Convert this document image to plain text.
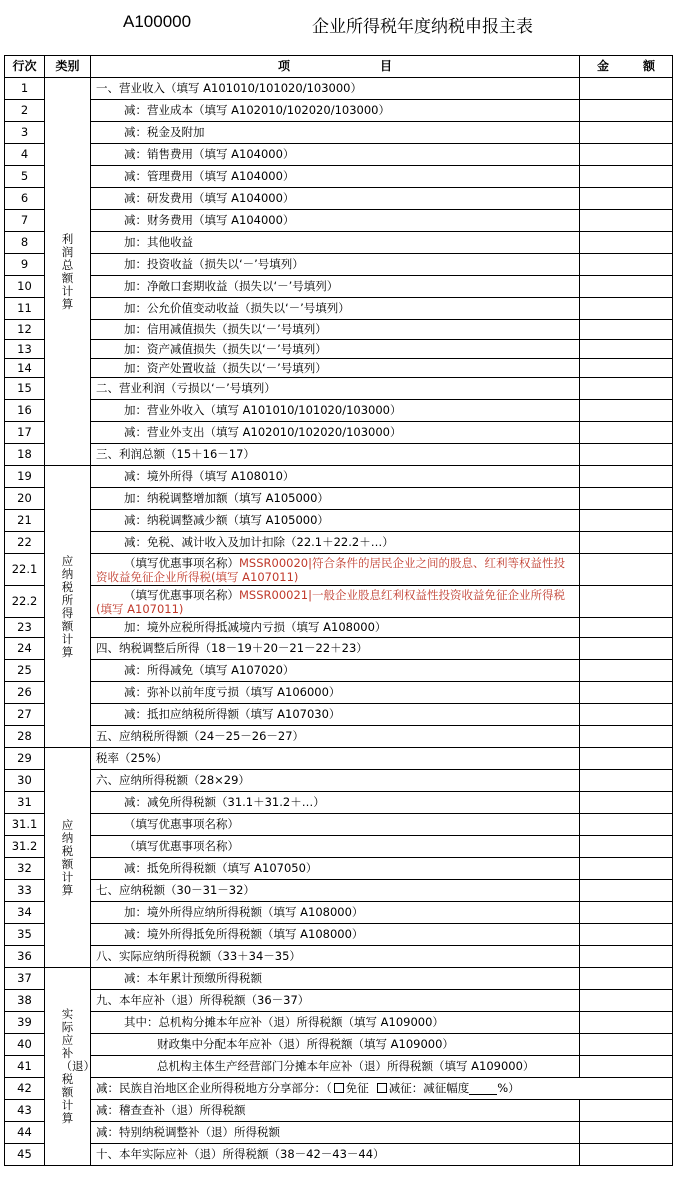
A100000	企业所得税年度纳税申报主表
行次	类别	项 目	金 额
1	利润总额计算	一、营业收入（填写 A101010/101020/103000）	
2		减：营业成本（填写 A102010/102020/103000）	
3		减：税金及附加	
4		减：销售费用（填写 A104000）	
5		减：管理费用（填写 A104000）	
6		减：研发费用（填写 A104000）	
7		减：财务费用（填写 A104000）	
8		加：其他收益	
9		加：投资收益（损失以‘－’号填列）	
10		加：净敞口套期收益（损失以‘－’号填列）	
11		加：公允价值变动收益（损失以‘－’号填列）	
12		加：信用减值损失（损失以‘－’号填列）	
13		加：资产减值损失（损失以‘－’号填列）	
14		加：资产处置收益（损失以‘－’号填列）	
15		二、营业利润（亏损以‘－’号填列）	
16		加：营业外收入（填写 A101010/101020/103000）	
17		减：营业外支出（填写 A102010/102020/103000）	
18		三、利润总额（15＋16－17）	
19	应纳税所得额计算	减：境外所得（填写 A108010）	
20		加：纳税调整增加额（填写 A105000）	
21		减：纳税调整减少额（填写 A105000）	
22		减：免税、减计收入及加计扣除（22.1＋22.2＋…）	
22.1		（填写优惠事项名称）MSSR00020|符合条件的居民企业之间的股息、红利等权益性投资收益免征企业所得税(填写 A107011)	
22.2		（填写优惠事项名称）MSSR00021|一般企业股息红利权益性投资收益免征企业所得税(填写 A107011)	
23		加：境外应税所得抵减境内亏损（填写 A108000）	
24		四、纳税调整后所得（18－19＋20－21－22＋23）	
25		减：所得减免（填写 A107020）	
26		减：弥补以前年度亏损（填写 A106000）	
27		减：抵扣应纳税所得额（填写 A107030）	
28		五、应纳税所得额（24－25－26－27）	
29	应纳税额计算	税率（25%）	
30		六、应纳所得税额（28×29）	
31		减：减免所得税额（31.1＋31.2＋…）	
31.1		（填写优惠事项名称）	
31.2		（填写优惠事项名称）	
32		减：抵免所得税额（填写 A107050）	
33		七、应纳税额（30－31－32）	
34		加：境外所得应纳所得税额（填写 A108000）	
35		减：境外所得抵免所得税额（填写 A108000）	
36		八、实际应纳所得税额（33＋34－35）	
37	实际应补（退）税额计算	减：本年累计预缴所得税额	
38		九、本年应补（退）所得税额（36－37）	
39		其中：总机构分摊本年应补（退）所得税额（填写 A109000）	
40		财政集中分配本年应补（退）所得税额（填写 A109000）	
41		总机构主体生产经营部门分摊本年应补（退）所得税额（填写 A109000）	
42		减：民族自治地区企业所得税地方分享部分：（ 免征 减征：减征幅度 %）	
43		减：稽查查补（退）所得税额	
44		减：特别纳税调整补（退）所得税额	
45		十、本年实际应补（退）所得税额（38－42－43－44）	
